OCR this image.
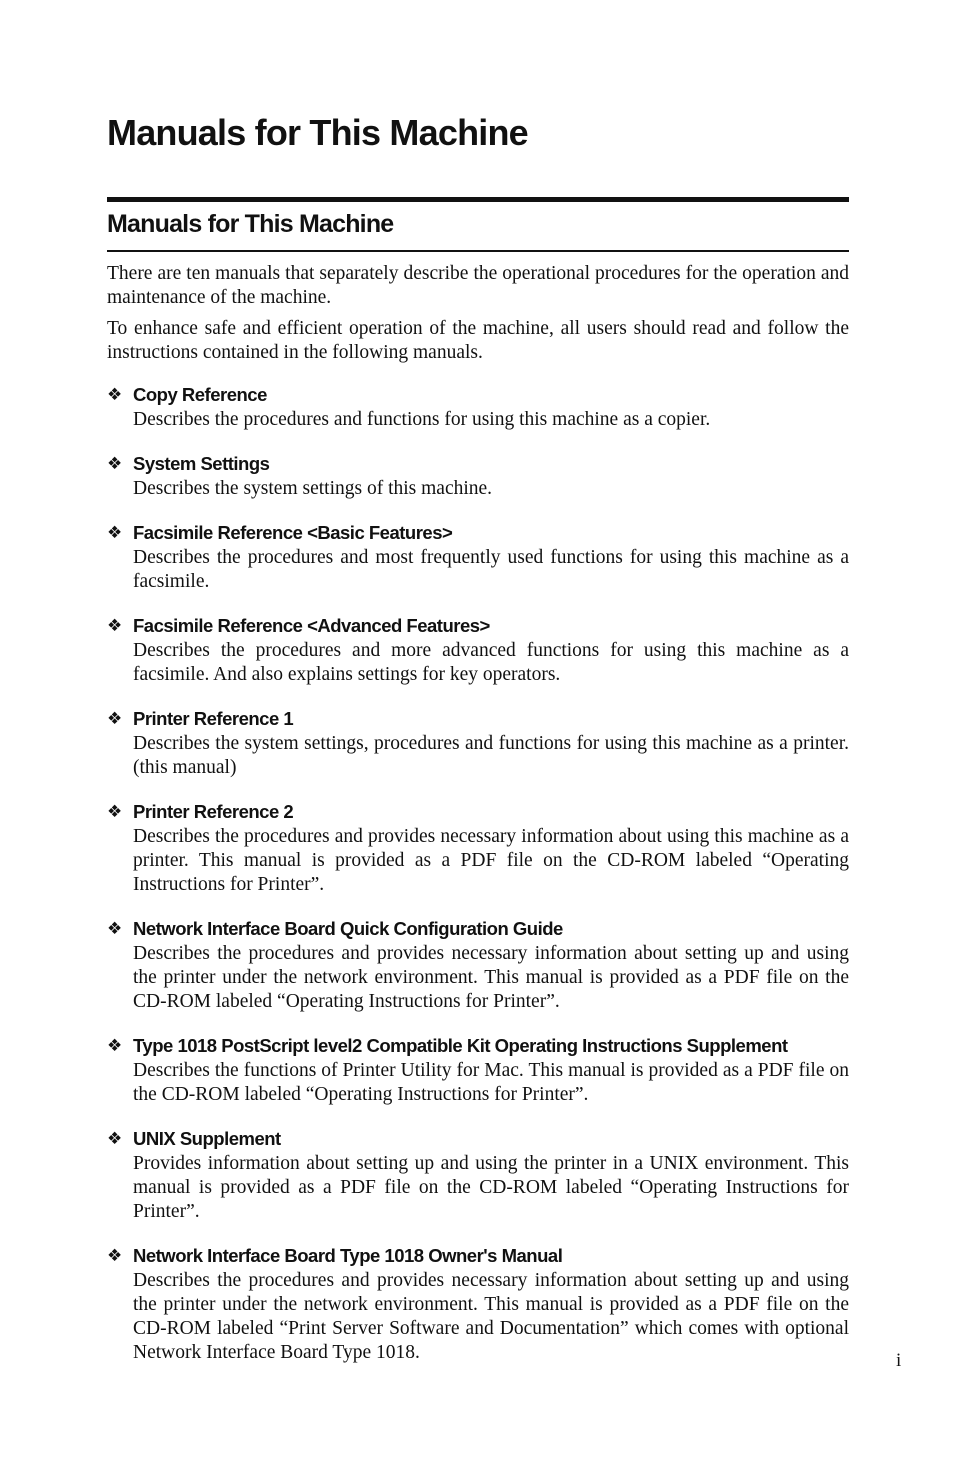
Manuals for This Machine
Manuals for This Machine

There are ten manuals that separately describe the operational procedures for the operation and maintenance of the machine.

To enhance safe and efficient operation of the machine, all users should read and follow the instructions contained in the following manuals.

❖ Copy Reference

Describes the procedures and functions for using this machine as a copier.

❖ System Settings

Describes the system settings of this machine.

❖ Facsimile Reference <Basic Features>

Describes the procedures and most frequently used functions for using this machine as a facsimile.

❖ Facsimile Reference <Advanced Features>

Describes the procedures and more advanced functions for using this machine as a facsimile. And also explains settings for key operators.

❖ Printer Reference 1

Describes the system settings, procedures and functions for using this machine as a printer. (this manual)

❖ Printer Reference 2

Describes the procedures and provides necessary information about using this machine as a printer. This manual is provided as a PDF file on the CD-ROM labeled “Operating Instructions for Printer”.

❖ Network Interface Board Quick Configuration Guide

Describes the procedures and provides necessary information about setting up and using the printer under the network environment. This manual is provided as a PDF file on the CD-ROM labeled “Operating Instructions for Printer”.

❖ Type 1018 PostScript level2 Compatible Kit Operating Instructions Supplement

Describes the functions of Printer Utility for Mac. This manual is provided as a PDF file on the CD-ROM labeled “Operating Instructions for Printer”.

❖ UNIX Supplement

Provides information about setting up and using the printer in a UNIX environment. This manual is provided as a PDF file on the CD-ROM labeled “Operating Instructions for Printer”.

❖ Network Interface Board Type 1018 Owner's Manual

Describes the procedures and provides necessary information about setting up and using the printer under the network environment. This manual is provided as a PDF file on the CD-ROM labeled “Print Server Software and Documentation” which comes with optional Network Interface Board Type 1018.	i
